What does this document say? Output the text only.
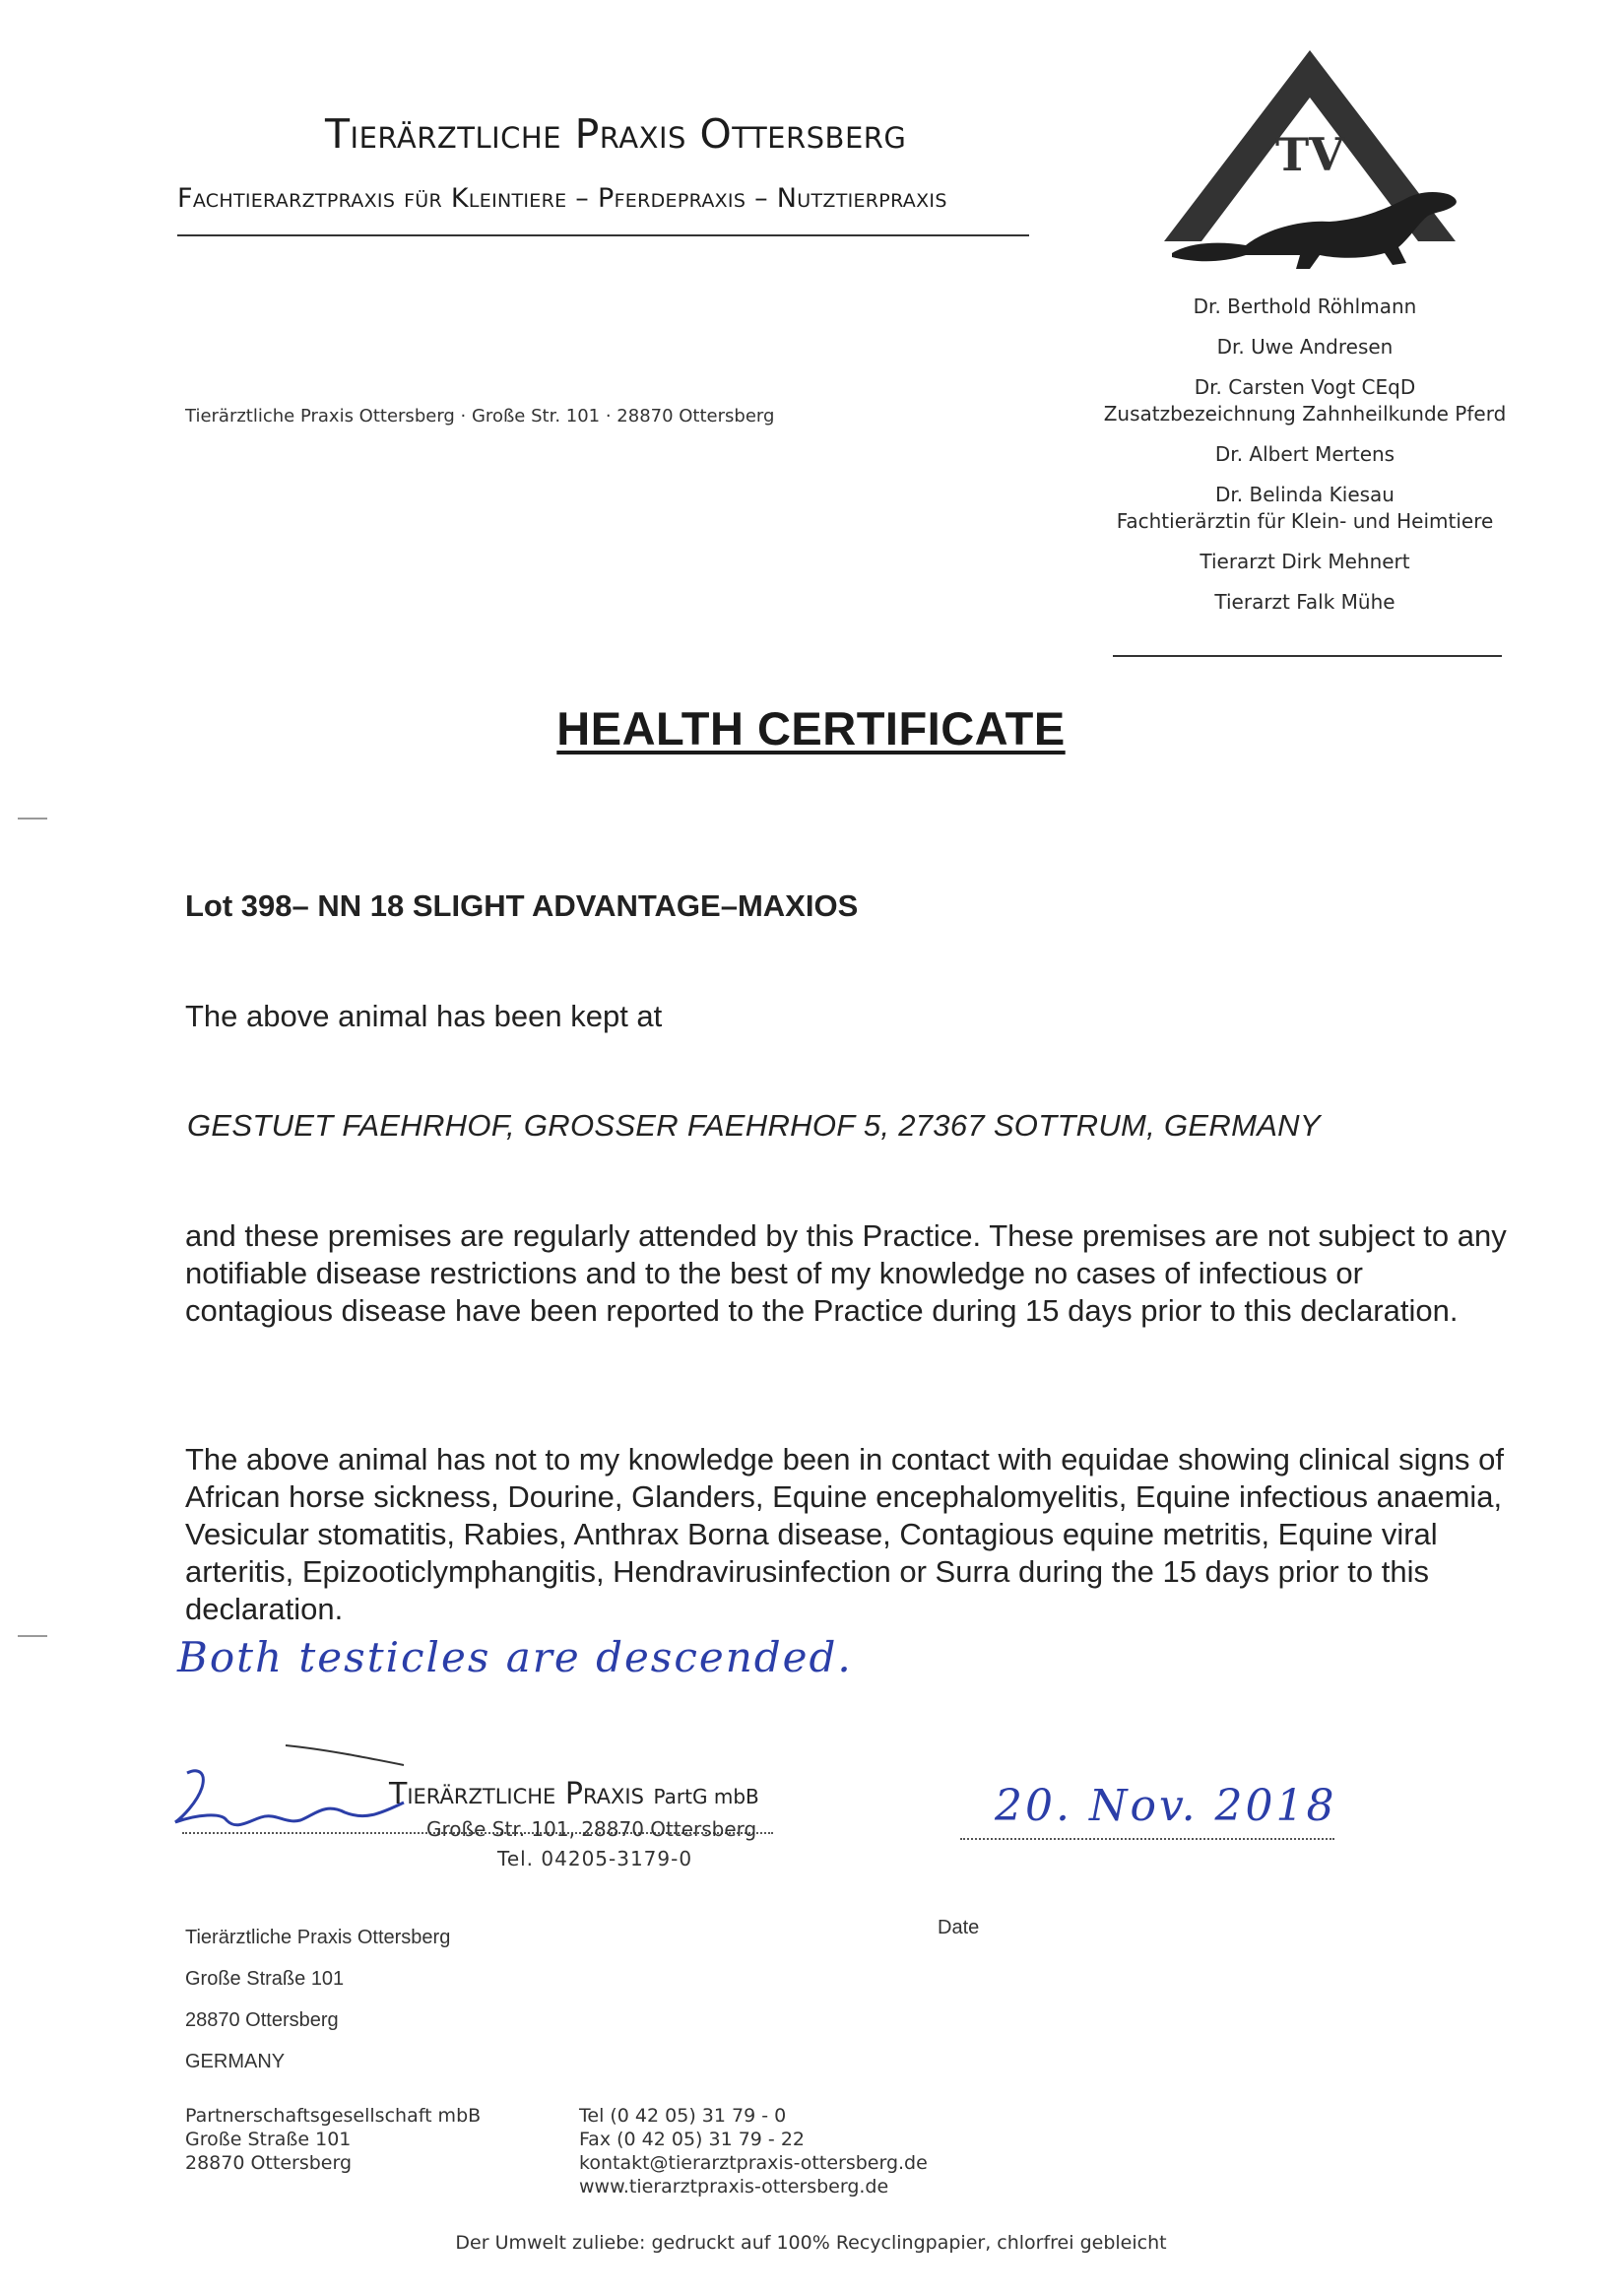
Tierärztliche Praxis Ottersberg
Fachtierarztpraxis für Kleintiere – Pferdepraxis – Nutztierpraxis
TV
Tierärztliche Praxis Ottersberg · Große Str. 101 · 28870 Ottersberg
Dr. Berthold Röhlmann
Dr. Uwe Andresen
Dr. Carsten Vogt CEqD
Zusatzbezeichnung Zahnheilkunde Pferd
Dr. Albert Mertens
Dr. Belinda Kiesau
Fachtierärztin für Klein- und Heimtiere
Tierarzt Dirk Mehnert
Tierarzt Falk Mühe
HEALTH CERTIFICATE
Lot 398– NN 18 SLIGHT ADVANTAGE–MAXIOS
The above animal has been kept at
GESTUET FAEHRHOF, GROSSER FAEHRHOF 5, 27367 SOTTRUM, GERMANY
and these premises are regularly attended by this Practice. These premises are not subject to any notifiable disease restrictions and to the best of my knowledge no cases of infectious or contagious disease have been reported to the Practice during 15 days prior to this declaration.
The above animal has not to my knowledge been in contact with equidae showing clinical signs of African horse sickness, Dourine, Glanders, Equine encephalomyelitis, Equine infectious anaemia, Vesicular stomatitis, Rabies, Anthrax Borna disease, Contagious equine metritis, Equine viral arteritis, Epizooticlymphangitis, Hendravirusinfection or Surra during the 15 days prior to this declaration.
Both testicles are descended.
Tierärztliche Praxis PartG mbB
Große Str. 101, 28870 Ottersberg
Tel. 04205-3179-0
20. Nov. 2018
Date
Tierärztliche Praxis Ottersberg
Große Straße 101
28870 Ottersberg
GERMANY
Partnerschaftsgesellschaft mbB
Große Straße 101
28870 Ottersberg
Tel (0 42 05) 31 79 - 0
Fax (0 42 05) 31 79 - 22
kontakt@tierarztpraxis-ottersberg.de
www.tierarztpraxis-ottersberg.de
Der Umwelt zuliebe: gedruckt auf 100% Recyclingpapier, chlorfrei gebleicht
